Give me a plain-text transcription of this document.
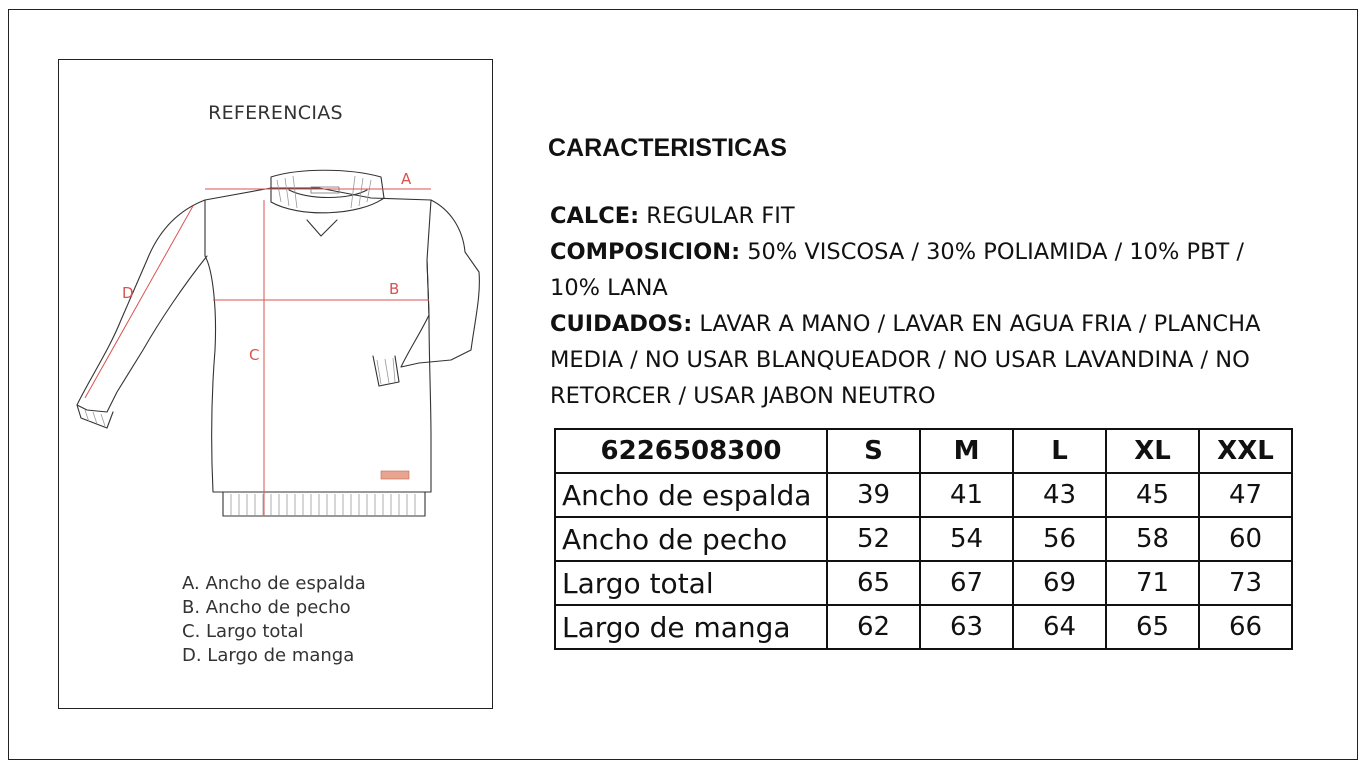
REFERENCIAS
A
B
C
D
A. Ancho de espalda
B. Ancho de pecho
C. Largo total
D. Largo de manga
CARACTERISTICAS

CALCE: REGULAR FIT

COMPOSICION: 50% VISCOSA / 30% POLIAMIDA / 10% PBT / 10% LANA

CUIDADOS: LAVAR A MANO / LAVAR EN AGUA FRIA / PLANCHA MEDIA / NO USAR BLANQUEADOR / NO USAR LAVANDINA / NO RETORCER / USAR JABON NEUTRO

6226508300	S	M	L	XL	XXL
Ancho de espalda	39	41	43	45	47
Ancho de pecho	52	54	56	58	60
Largo total	65	67	69	71	73
Largo de manga	62	63	64	65	66
